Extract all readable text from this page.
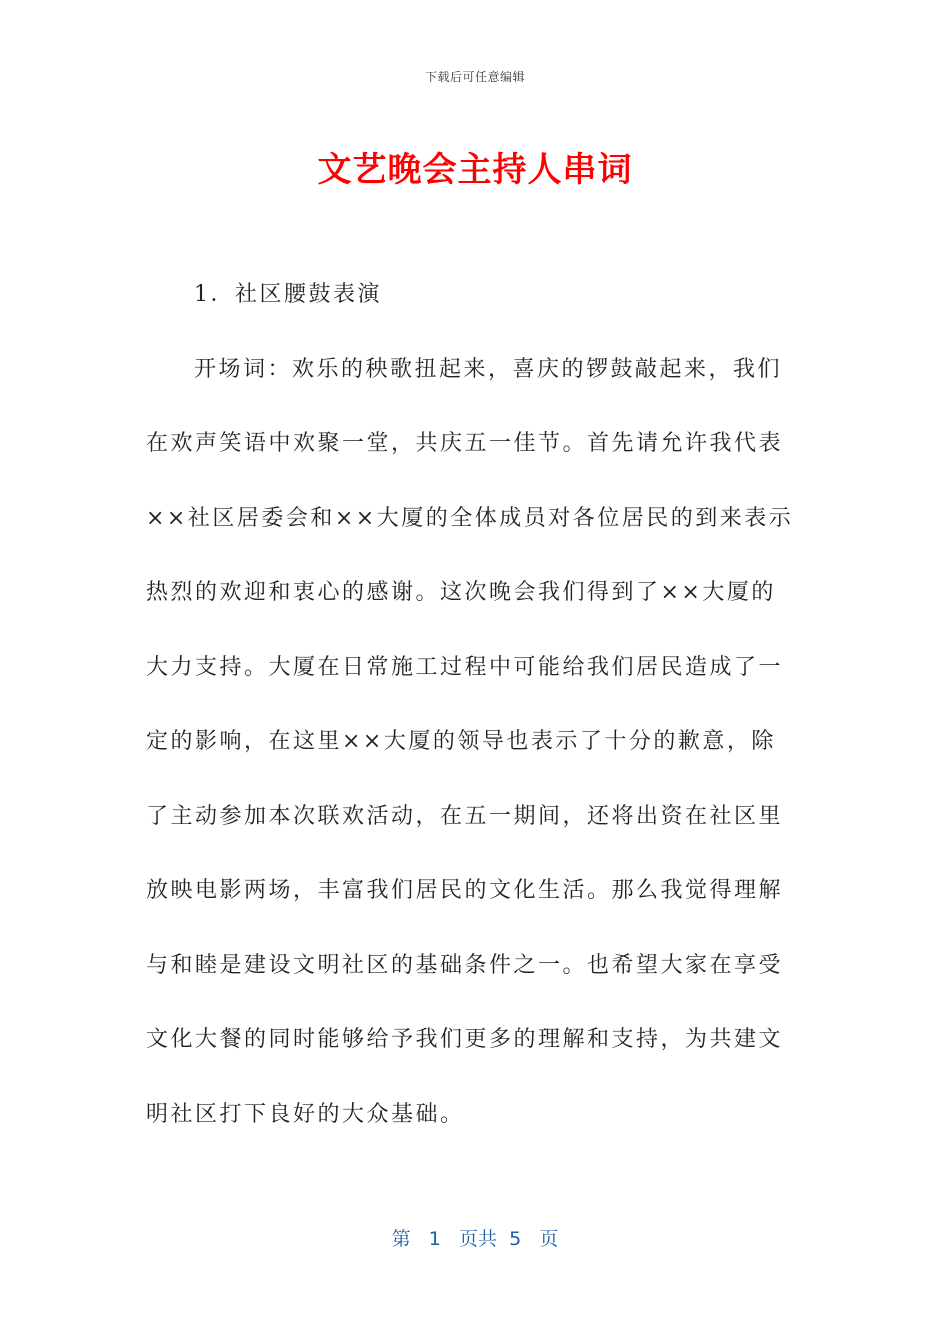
下载后可任意编辑
文艺晚会主持人串词

1．社区腰鼓表演

开场词：欢乐的秧歌扭起来，喜庆的锣鼓敲起来，我们在欢声笑语中欢聚一堂，共庆五一佳节。首先请允许我代表××社区居委会和××大厦的全体成员对各位居民的到来表示热烈的欢迎和衷心的感谢。这次晚会我们得到了××大厦的大力支持。大厦在日常施工过程中可能给我们居民造成了一定的影响，在这里××大厦的领导也表示了十分的歉意，除了主动参加本次联欢活动，在五一期间，还将出资在社区里放映电影两场，丰富我们居民的文化生活。那么我觉得理解与和睦是建设文明社区的基础条件之一。也希望大家在享受文化大餐的同时能够给予我们更多的理解和支持，为共建文明社区打下良好的大众基础。

第 1 页共 5 页
